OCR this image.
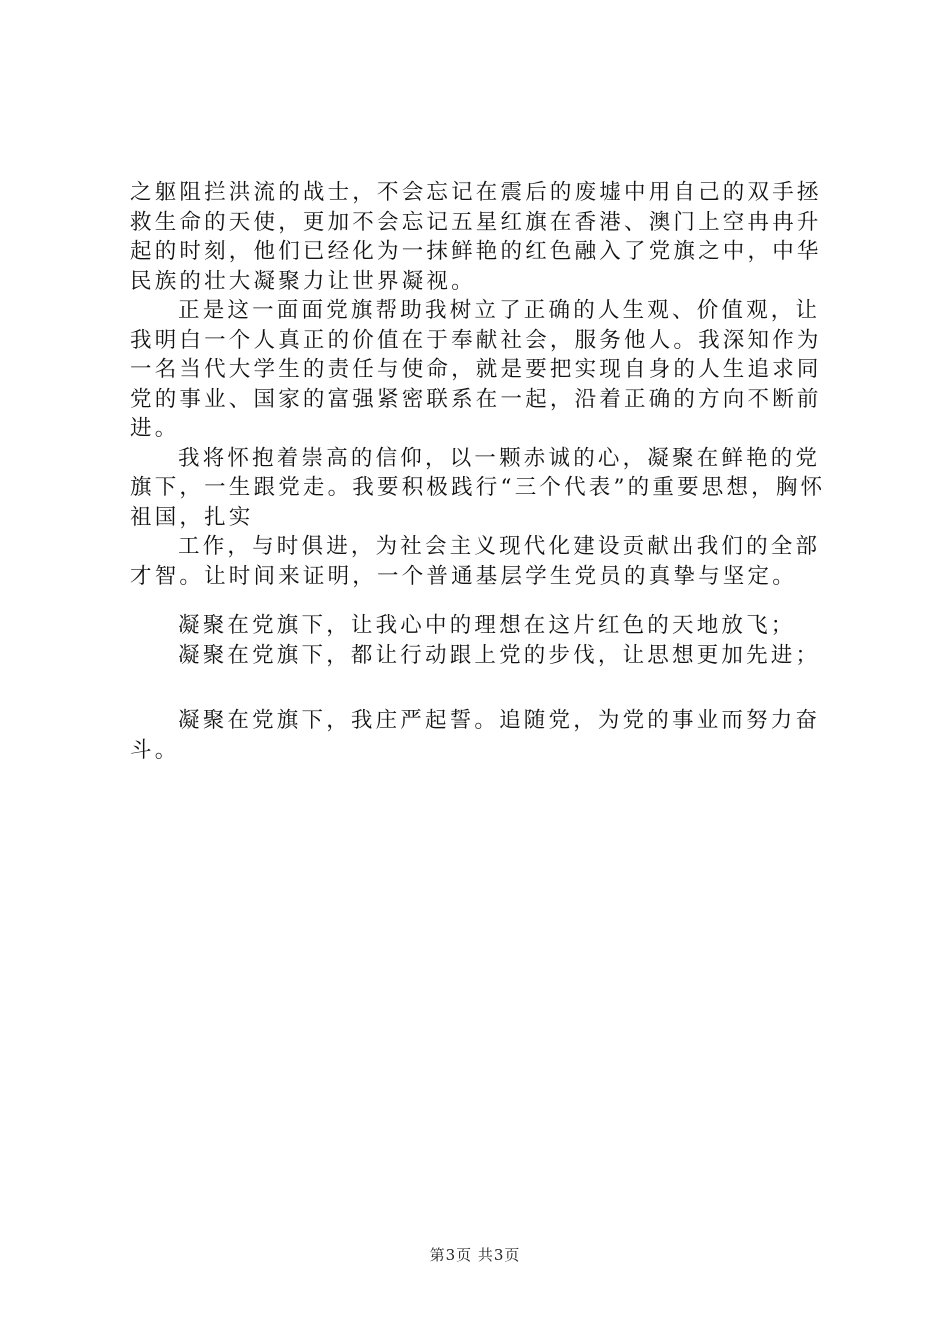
之躯阻拦洪流的战士，不会忘记在震后的废墟中用自己的双手拯救生命的天使，更加不会忘记五星红旗在香港、澳门上空冉冉升起的时刻，他们已经化为一抹鲜艳的红色融入了党旗之中，中华民族的壮大凝聚力让世界凝视。

正是这一面面党旗帮助我树立了正确的人生观、价值观，让我明白一个人真正的价值在于奉献社会，服务他人。我深知作为一名当代大学生的责任与使命，就是要把实现自身的人生追求同党的事业、国家的富强紧密联系在一起，沿着正确的方向不断前进。

我将怀抱着崇高的信仰，以一颗赤诚的心，凝聚在鲜艳的党旗下，一生跟党走。我要积极践行“三个代表”的重要思想，胸怀祖国，扎实

工作，与时俱进，为社会主义现代化建设贡献出我们的全部才智。让时间来证明，一个普通基层学生党员的真挚与坚定。

凝聚在党旗下，让我心中的理想在这片红色的天地放飞；

凝聚在党旗下，都让行动跟上党的步伐，让思想更加先进；

凝聚在党旗下，我庄严起誓。追随党，为党的事业而努力奋斗。

第3页 共3页
